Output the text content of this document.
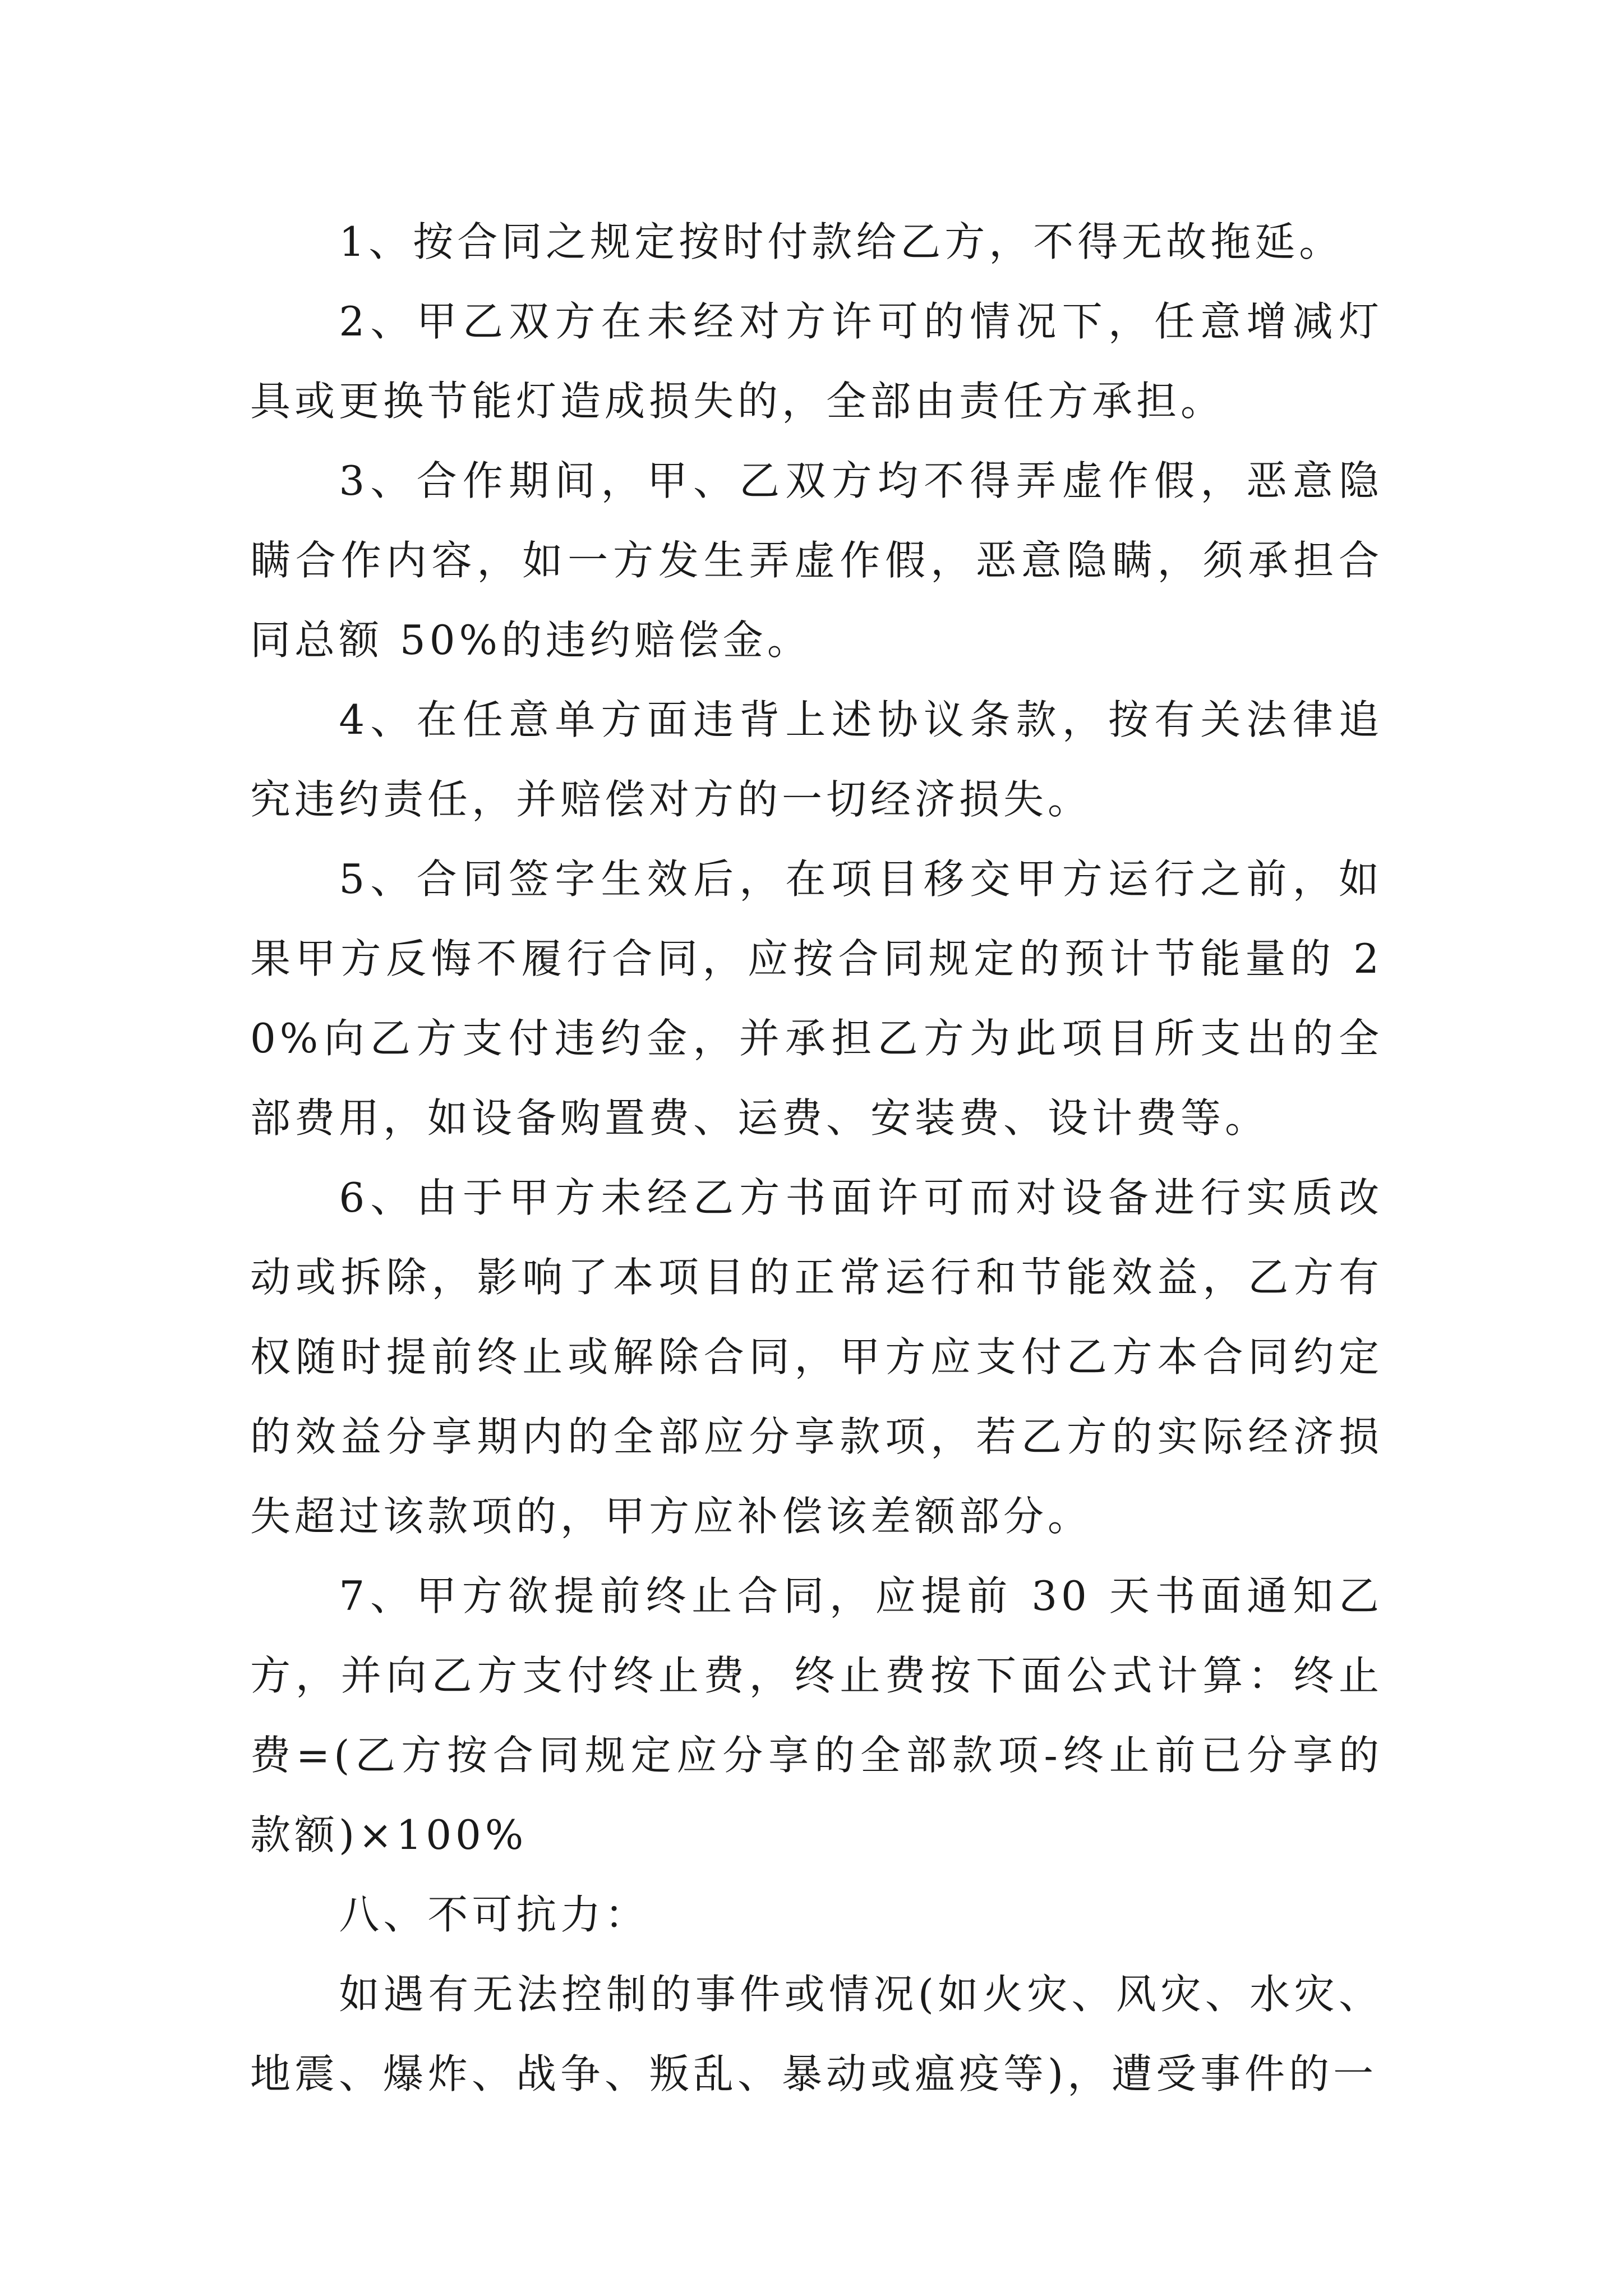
1、按合同之规定按时付款给乙方，不得无故拖延。

2、甲乙双方在未经对方许可的情况下，任意增减灯具或更换节能灯造成损失的，全部由责任方承担。

3、合作期间，甲、乙双方均不得弄虚作假，恶意隐瞒合作内容，如一方发生弄虚作假，恶意隐瞒，须承担合同总额 50%的违约赔偿金。

4、在任意单方面违背上述协议条款，按有关法律追究违约责任，并赔偿对方的一切经济损失。

5、合同签字生效后，在项目移交甲方运行之前，如果甲方反悔不履行合同，应按合同规定的预计节能量的 20%向乙方支付违约金，并承担乙方为此项目所支出的全部费用，如设备购置费、运费、安装费、设计费等。

6、由于甲方未经乙方书面许可而对设备进行实质改动或拆除，影响了本项目的正常运行和节能效益，乙方有权随时提前终止或解除合同，甲方应支付乙方本合同约定的效益分享期内的全部应分享款项，若乙方的实际经济损失超过该款项的，甲方应补偿该差额部分。

7、甲方欲提前终止合同，应提前 30 天书面通知乙方，并向乙方支付终止费，终止费按下面公式计算：终止费=(乙方按合同规定应分享的全部款项-终止前已分享的款额)×100%

八、不可抗力：

如遇有无法控制的事件或情况(如火灾、风灾、水灾、地震、爆炸、战争、叛乱、暴动或瘟疫等)，遭受事件的一
